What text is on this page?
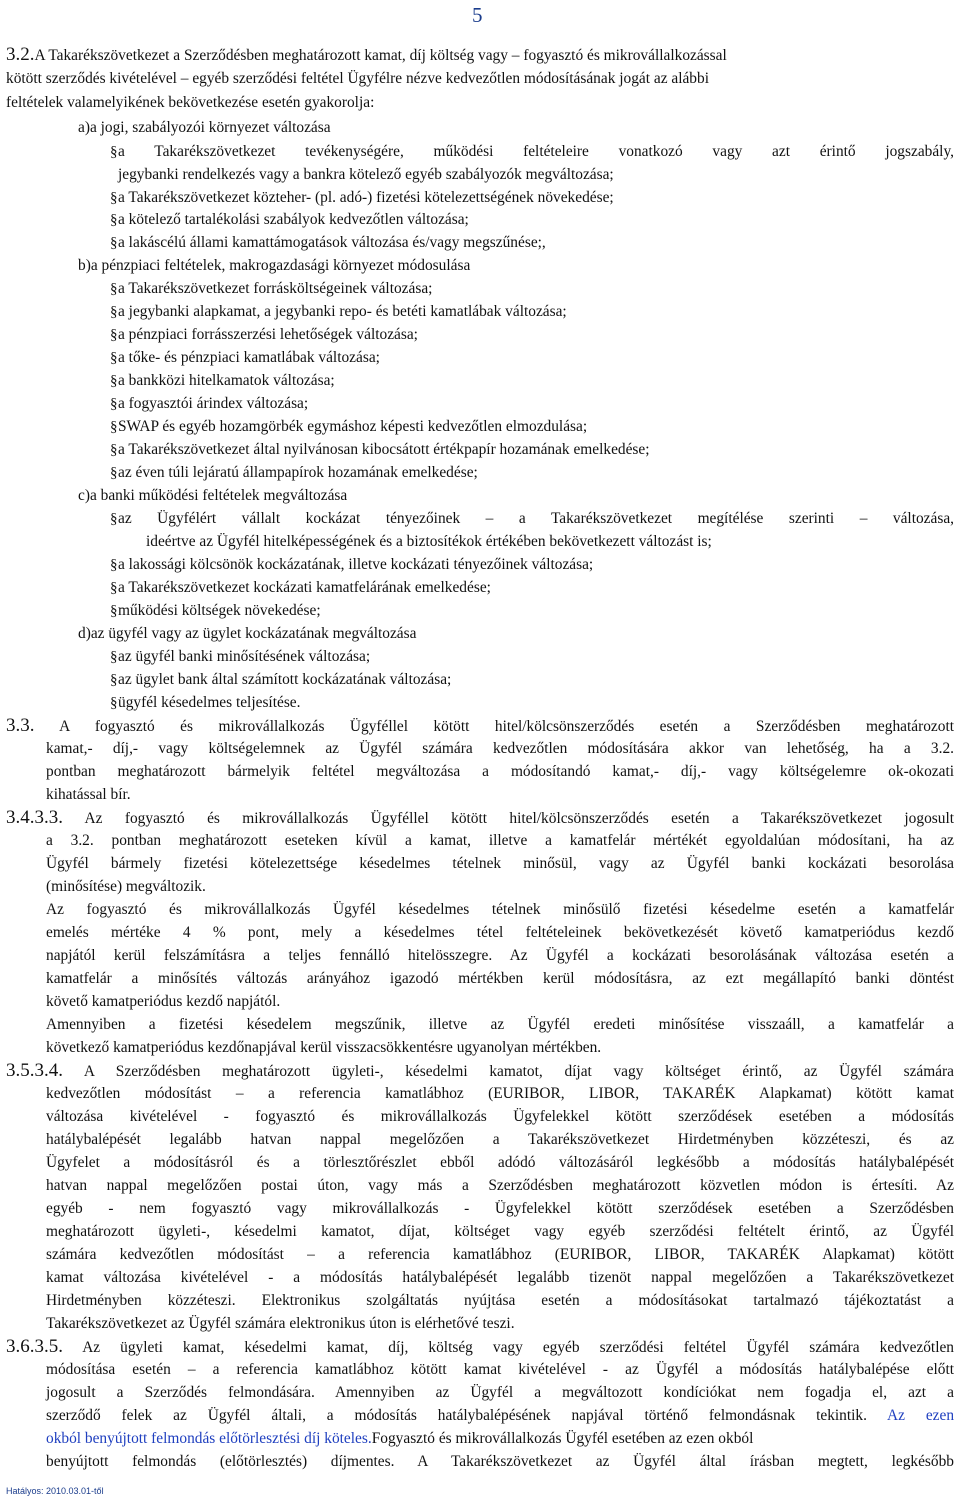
5
3.2.A Takarékszövetkezet a Szerződésben meghatározott kamat, díj költség vagy – fogyasztó és mikrovállalkozással
kötött szerződés kivételével – egyéb szerződési feltétel Ügyfélre nézve kedvezőtlen módosításának jogát az alábbi
feltételek valamelyikének bekövetkezése esetén gyakorolja:
a)a jogi, szabályozói környezet változása
§ a Takarékszövetkezet tevékenységére, működési feltételeire vonatkozó vagy azt érintő jogszabály,
jegybanki rendelkezés vagy a bankra kötelező egyéb szabályozók megváltozása;
§ a Takarékszövetkezet közteher- (pl. adó-) fizetési kötelezettségének növekedése;
§ a kötelező tartalékolási szabályok kedvezőtlen változása;
§ a lakáscélú állami kamattámogatások változása és/vagy megszűnése;,
b)a pénzpiaci feltételek, makrogazdasági környezet módosulása
§ a Takarékszövetkezet forrásköltségeinek változása;
§ a jegybanki alapkamat, a jegybanki repo- és betéti kamatlábak változása;
§ a pénzpiaci forrásszerzési lehetőségek változása;
§ a tőke- és pénzpiaci kamatlábak változása;
§ a bankközi hitelkamatok változása;
§ a fogyasztói árindex változása;
§ SWAP és egyéb hozamgörbék egymáshoz képesti kedvezőtlen elmozdulása;
§ a Takarékszövetkezet által nyilvánosan kibocsátott értékpapír hozamának emelkedése;
§ az éven túli lejáratú állampapírok hozamának emelkedése;
c)a banki működési feltételek megváltozása
§ az Ügyfélért vállalt kockázat tényezőinek – a Takarékszövetkezet megítélése szerinti – változása,
ideértve az Ügyfél hitelképességének és a biztosítékok értékében bekövetkezett változást is;
§ a lakossági kölcsönök kockázatának, illetve kockázati tényezőinek változása;
§ a Takarékszövetkezet kockázati kamatfelárának emelkedése;
§ működési költségek növekedése;
d)az ügyfél vagy az ügylet kockázatának megváltozása
§ az ügyfél banki minősítésének változása;
§ az ügylet bank által számított kockázatának változása;
§ ügyfél késedelmes teljesítése.
3.3. A fogyasztó és mikrovállalkozás Ügyféllel kötött hitel/kölcsönszerződés esetén a Szerződésben meghatározott
kamat,- díj,- vagy költségelemnek az Ügyfél számára kedvezőtlen módosítására akkor van lehetőség, ha a 3.2.
pontban meghatározott bármelyik feltétel megváltozása a módosítandó kamat,- díj,- vagy költségelemre ok-okozati
kihatással bír.
3.4.3.3. Az fogyasztó és mikrovállalkozás Ügyféllel kötött hitel/kölcsönszerződés esetén a Takarékszövetkezet jogosult
a 3.2. pontban meghatározott eseteken kívül a kamat, illetve a kamatfelár mértékét egyoldalúan módosítani, ha az
Ügyfél bármely fizetési kötelezettsége késedelmes tételnek minősül, vagy az Ügyfél banki kockázati besorolása
(minősítése) megváltozik.
Az fogyasztó és mikrovállalkozás Ügyfél késedelmes tételnek minősülő fizetési késedelme esetén a kamatfelár
emelés mértéke 4 % pont, mely a késedelmes tétel feltételeinek bekövetkezését követő kamatperiódus kezdő
napjától kerül felszámításra a teljes fennálló hitelösszegre. Az Ügyfél a kockázati besorolásának változása esetén a
kamatfelár a minősítés változás arányához igazodó mértékben kerül módosításra, az ezt megállapító banki döntést
követő kamatperiódus kezdő napjától.
Amennyiben a fizetési késedelem megszűnik, illetve az Ügyfél eredeti minősítése visszaáll, a kamatfelár a
következő kamatperiódus kezdőnapjával kerül visszacsökkentésre ugyanolyan mértékben.
3.5.3.4. A Szerződésben meghatározott ügyleti-, késedelmi kamatot, díjat vagy költséget érintő, az Ügyfél számára
kedvezőtlen módosítást – a referencia kamatlábhoz (EURIBOR, LIBOR, TAKARÉK Alapkamat) kötött kamat
változása kivételével - fogyasztó és mikrovállalkozás Ügyfelekkel kötött szerződések esetében a módosítás
hatálybalépését legalább hatvan nappal megelőzően a Takarékszövetkezet Hirdetményben közzéteszi, és az
Ügyfelet a módosításról és a törlesztőrészlet ebből adódó változásáról legkésőbb a módosítás hatálybalépését
hatvan nappal megelőzően postai úton, vagy más a Szerződésben meghatározott közvetlen módon is értesíti. Az
egyéb - nem fogyasztó vagy mikrovállalkozás - Ügyfelekkel kötött szerződések esetében a Szerződésben
meghatározott ügyleti-, késedelmi kamatot, díjat, költséget vagy egyéb szerződési feltételt érintő, az Ügyfél
számára kedvezőtlen módosítást – a referencia kamatlábhoz (EURIBOR, LIBOR, TAKARÉK Alapkamat) kötött
kamat változása kivételével - a módosítás hatálybalépését legalább tizenöt nappal megelőzően a Takarékszövetkezet
Hirdetményben közzéteszi. Elektronikus szolgáltatás nyújtása esetén a módosításokat tartalmazó tájékoztatást a
Takarékszövetkezet az Ügyfél számára elektronikus úton is elérhetővé teszi.
3.6.3.5. Az ügyleti kamat, késedelmi kamat, díj, költség vagy egyéb szerződési feltétel Ügyfél számára kedvezőtlen
módosítása esetén – a referencia kamatlábhoz kötött kamat kivételével - az Ügyfél a módosítás hatálybalépése előtt
jogosult a Szerződés felmondására. Amennyiben az Ügyfél a megváltozott kondíciókat nem fogadja el, azt a
szerződő felek az Ügyfél általi, a módosítás hatálybalépésének napjával történő felmondásnak tekintik. Az ezen
okból benyújtott felmondás előtörlesztési díj köteles.Fogyasztó és mikrovállalkozás Ügyfél esetében az ezen okból
benyújtott felmondás (előtörlesztés) díjmentes. A Takarékszövetkezet az Ügyfél által írásban megtett, legkésőbb
Hatályos: 2010.03.01-től
